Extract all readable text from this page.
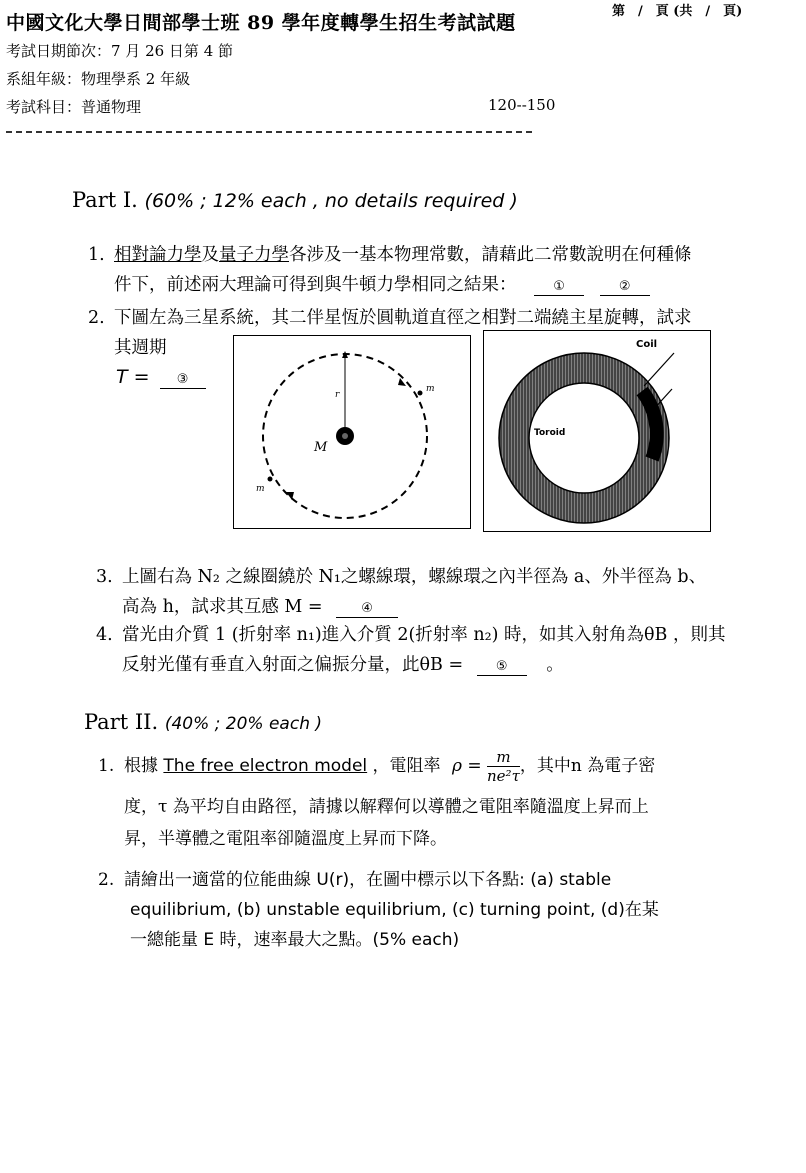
中國文化大學日間部學士班 89 學年度轉學生招生考試試題
第　/　頁 (共　/　頁)
考試日期節次：7 月 26 日第 4 節
系組年級：物理學系 2 年級
考試科目：普通物理	120--150
Part I. (60% ; 12% each , no details required )
1. 相對論力學及量子力學各涉及一基本物理常數，請藉此二常數說明在何種條
件下，前述兩大理論可得到與牛頓力學相同之結果：	①	②
2. 下圖左為三星系統，其二伴星恆於圓軌道直徑之相對二端繞主星旋轉，試求
其週期
T = ③
M
m
m
r
Coil
Toroid
3. 上圖右為 N₂ 之線圈繞於 N₁之螺線環，螺線環之內半徑為 a、外半徑為 b、
高為 h，試求其互感 M =	④
4. 當光由介質 1 (折射率 n₁)進入介質 2(折射率 n₂) 時，如其入射角為θB ，則其
反射光僅有垂直入射面之偏振分量，此θB =	⑤ 。
Part II. (40% ; 20% each )
1. 根據 The free electron model ，電阻率 $\rho = \frac{m}{\text{ne²τ}}$，其中n 為電子密
度，τ 為平均自由路徑，請據以解釋何以導體之電阻率隨溫度上昇而上
昇，半導體之電阻率卻隨溫度上昇而下降。
2. 請繪出一適當的位能曲線 U(r)，在圖中標示以下各點: (a) stable
equilibrium, (b) unstable equilibrium, (c) turning point, (d)在某
一總能量 E 時，速率最大之點。(5% each)
